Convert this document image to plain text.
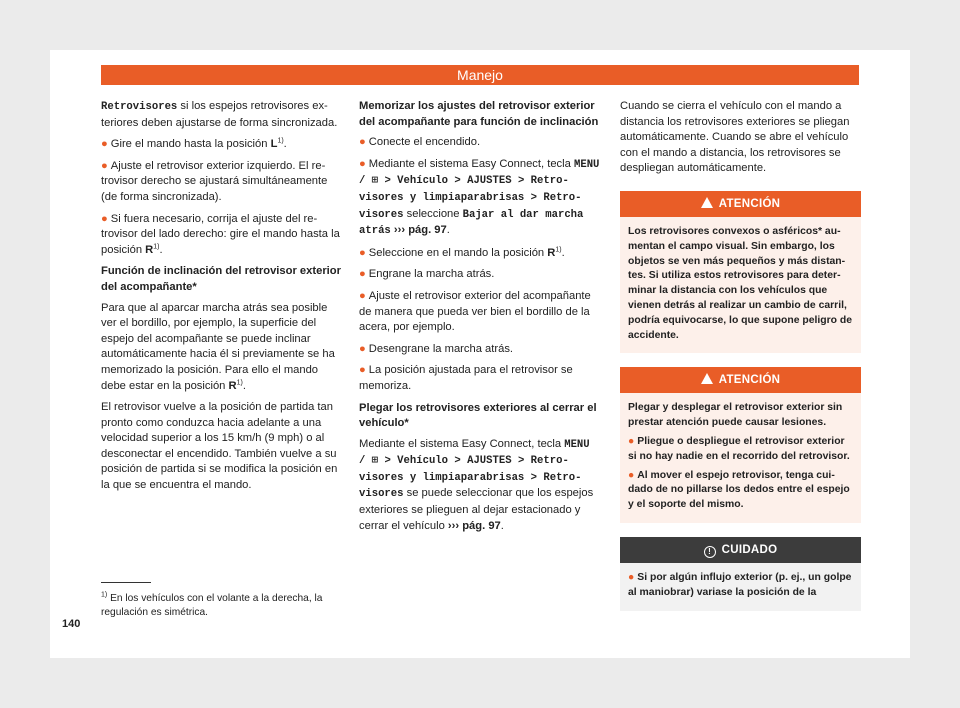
Manejo

Retrovisores si los espejos retrovisores exteriores deben ajustarse de forma sincronizada.

● Gire el mando hasta la posición $L^{1)}$.

● Ajuste el retrovisor exterior izquierdo. El retrovisor derecho se ajustará simultáneamente (de forma sincronizada).

● Si fuera necesario, corrija el ajuste del retrovisor del lado derecho: gire el mando hasta la posición $R^{1)}$.

Función de inclinación del retrovisor exterior del acompañante*

Para que al aparcar marcha atrás sea posible ver el bordillo, por ejemplo, la superficie del espejo del acompañante se puede inclinar automáticamente hacia él si previamente se ha memorizado la posición. Para ello el mando debe estar en la posición $R^{1)}$.

El retrovisor vuelve a la posición de partida tan pronto como conduzca hacia adelante a una velocidad superior a los 15 km/h (9 mph) o al desconectar el encendido. También vuelve a su posición de partida si se modifica la posición en la que se encuentra el mando.

Memorizar los ajustes del retrovisor exterior del acompañante para función de inclinación

● Conecte el encendido.

● Mediante el sistema Easy Connect, tecla MENU / ⊞ > Vehículo > AJUSTES > Retrovisores y limpiaparabrisas > Retrovisores seleccione Bajar al dar marcha atrás ››› pág. 97.

● Seleccione en el mando la posición $R^{1)}$.

● Engrane la marcha atrás.

● Ajuste el retrovisor exterior del acompañante de manera que pueda ver bien el bordillo de la acera, por ejemplo.

● Desengrane la marcha atrás.

● La posición ajustada para el retrovisor se memoriza.

Plegar los retrovisores exteriores al cerrar el vehículo*

Mediante el sistema Easy Connect, tecla MENU / ⊞ > Vehículo > AJUSTES > Retrovisores y limpiaparabrisas > Retrovisores se puede seleccionar que los espejos exteriores se plieguen al dejar estacionado y cerrar el vehículo ››› pág. 97.

Cuando se cierra el vehículo con el mando a distancia los retrovisores exteriores se pliegan automáticamente. Cuando se abre el vehículo con el mando a distancia, los retrovisores se despliegan automáticamente.

ATENCIÓN

Los retrovisores convexos o asféricos* aumentan el campo visual. Sin embargo, los objetos se ven más pequeños y más distantes. Si utiliza estos retrovisores para determinar la distancia con los vehículos que vienen detrás al realizar un cambio de carril, podría equivocarse, lo que supone peligro de accidente.

ATENCIÓN

Plegar y desplegar el retrovisor exterior sin prestar atención puede causar lesiones.

● Pliegue o despliegue el retrovisor exterior si no hay nadie en el recorrido del retrovisor.

● Al mover el espejo retrovisor, tenga cuidado de no pillarse los dedos entre el espejo y el soporte del mismo.

! CUIDADO

● Si por algún influjo exterior (p. ej., un golpe al maniobrar) variase la posición de la

$^{1)}$ En los vehículos con el volante a la derecha, la regulación es simétrica.
140
